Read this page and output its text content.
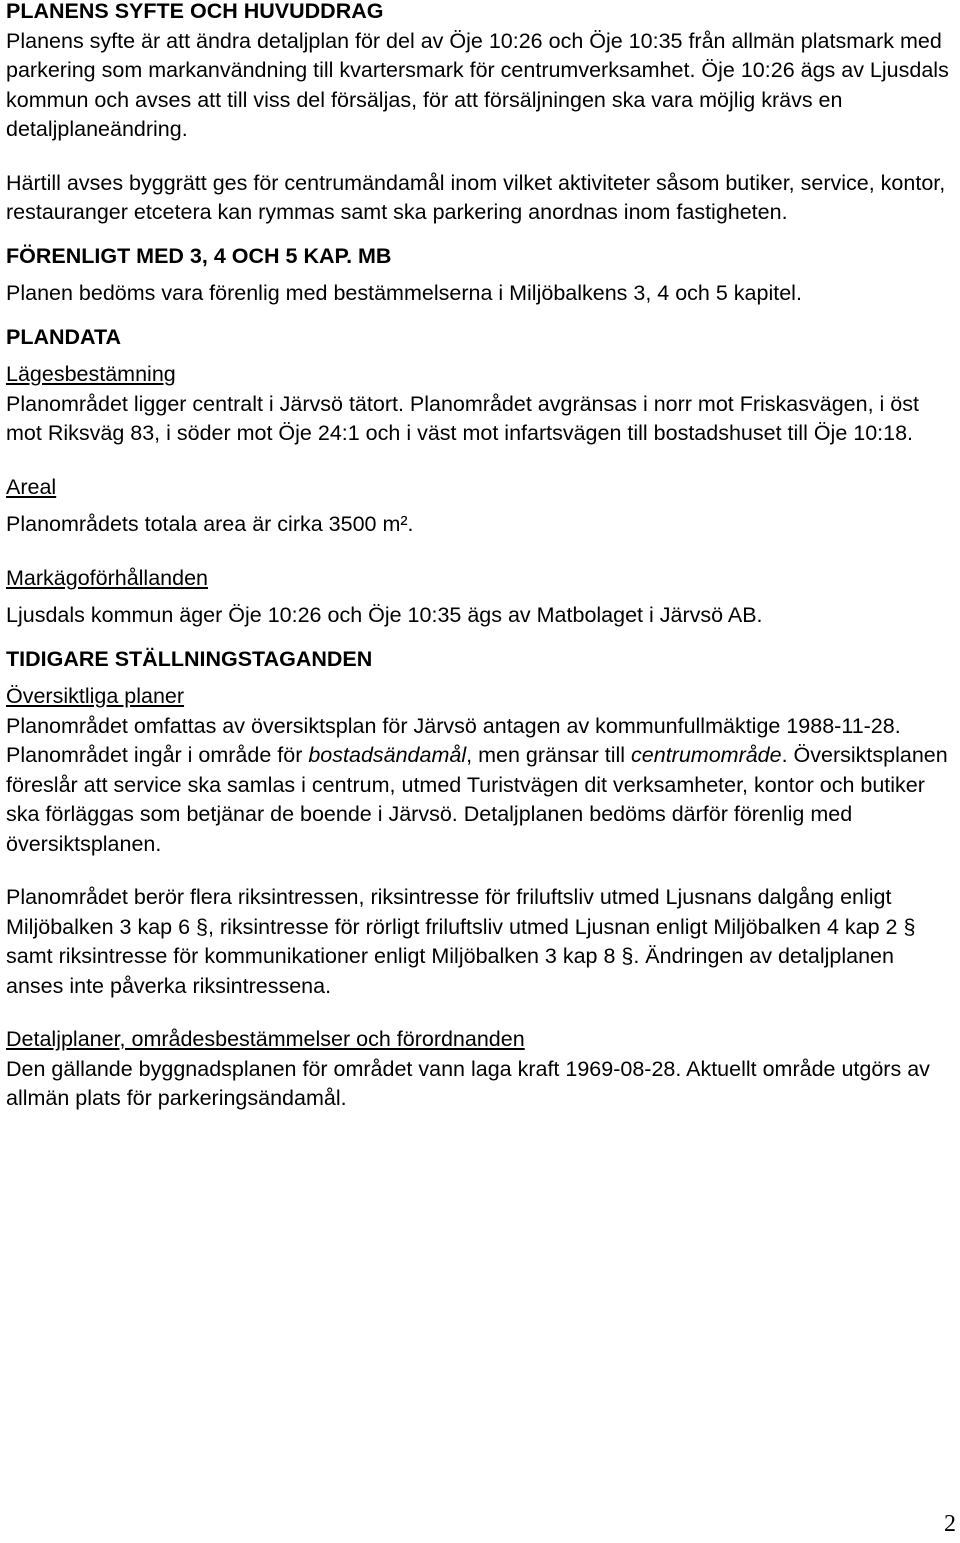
PLANENS SYFTE OCH HUVUDDRAG

Planens syfte är att ändra detaljplan för del av Öje 10:26 och Öje 10:35 från allmän platsmark med parkering som markanvändning till kvartersmark för centrumverksamhet. Öje 10:26 ägs av Ljusdals kommun och avses att till viss del försäljas, för att försäljningen ska vara möjlig krävs en detaljplaneändring.

Härtill avses byggrätt ges för centrumändamål inom vilket aktiviteter såsom butiker, service, kontor, restauranger etcetera kan rymmas samt ska parkering anordnas inom fastigheten.

FÖRENLIGT MED 3, 4 OCH 5 KAP. MB

Planen bedöms vara förenlig med bestämmelserna i Miljöbalkens 3, 4 och 5 kapitel.

PLANDATA

Lägesbestämning

Planområdet ligger centralt i Järvsö tätort. Planområdet avgränsas i norr mot Friskasvägen, i öst mot Riksväg 83, i söder mot Öje 24:1 och i väst mot infartsvägen till bostadshuset till Öje 10:18.

Areal

Planområdets totala area är cirka 3500 m².

Markägoförhållanden

Ljusdals kommun äger Öje 10:26 och Öje 10:35 ägs av Matbolaget i Järvsö AB.

TIDIGARE STÄLLNINGSTAGANDEN

Översiktliga planer

Planområdet omfattas av översiktsplan för Järvsö antagen av kommunfullmäktige 1988-11-28. Planområdet ingår i område för bostadsändamål, men gränsar till centrumområde. Översiktsplanen föreslår att service ska samlas i centrum, utmed Turistvägen dit verksamheter, kontor och butiker ska förläggas som betjänar de boende i Järvsö. Detaljplanen bedöms därför förenlig med översiktsplanen.

Planområdet berör flera riksintressen, riksintresse för friluftsliv utmed Ljusnans dalgång enligt Miljöbalken 3 kap 6 §, riksintresse för rörligt friluftsliv utmed Ljusnan enligt Miljöbalken 4 kap 2 § samt riksintresse för kommunikationer enligt Miljöbalken 3 kap 8 §. Ändringen av detaljplanen anses inte påverka riksintressena.

Detaljplaner, områdesbestämmelser och förordnanden

Den gällande byggnadsplanen för området vann laga kraft 1969-08-28. Aktuellt område utgörs av allmän plats för parkeringsändamål.

2
